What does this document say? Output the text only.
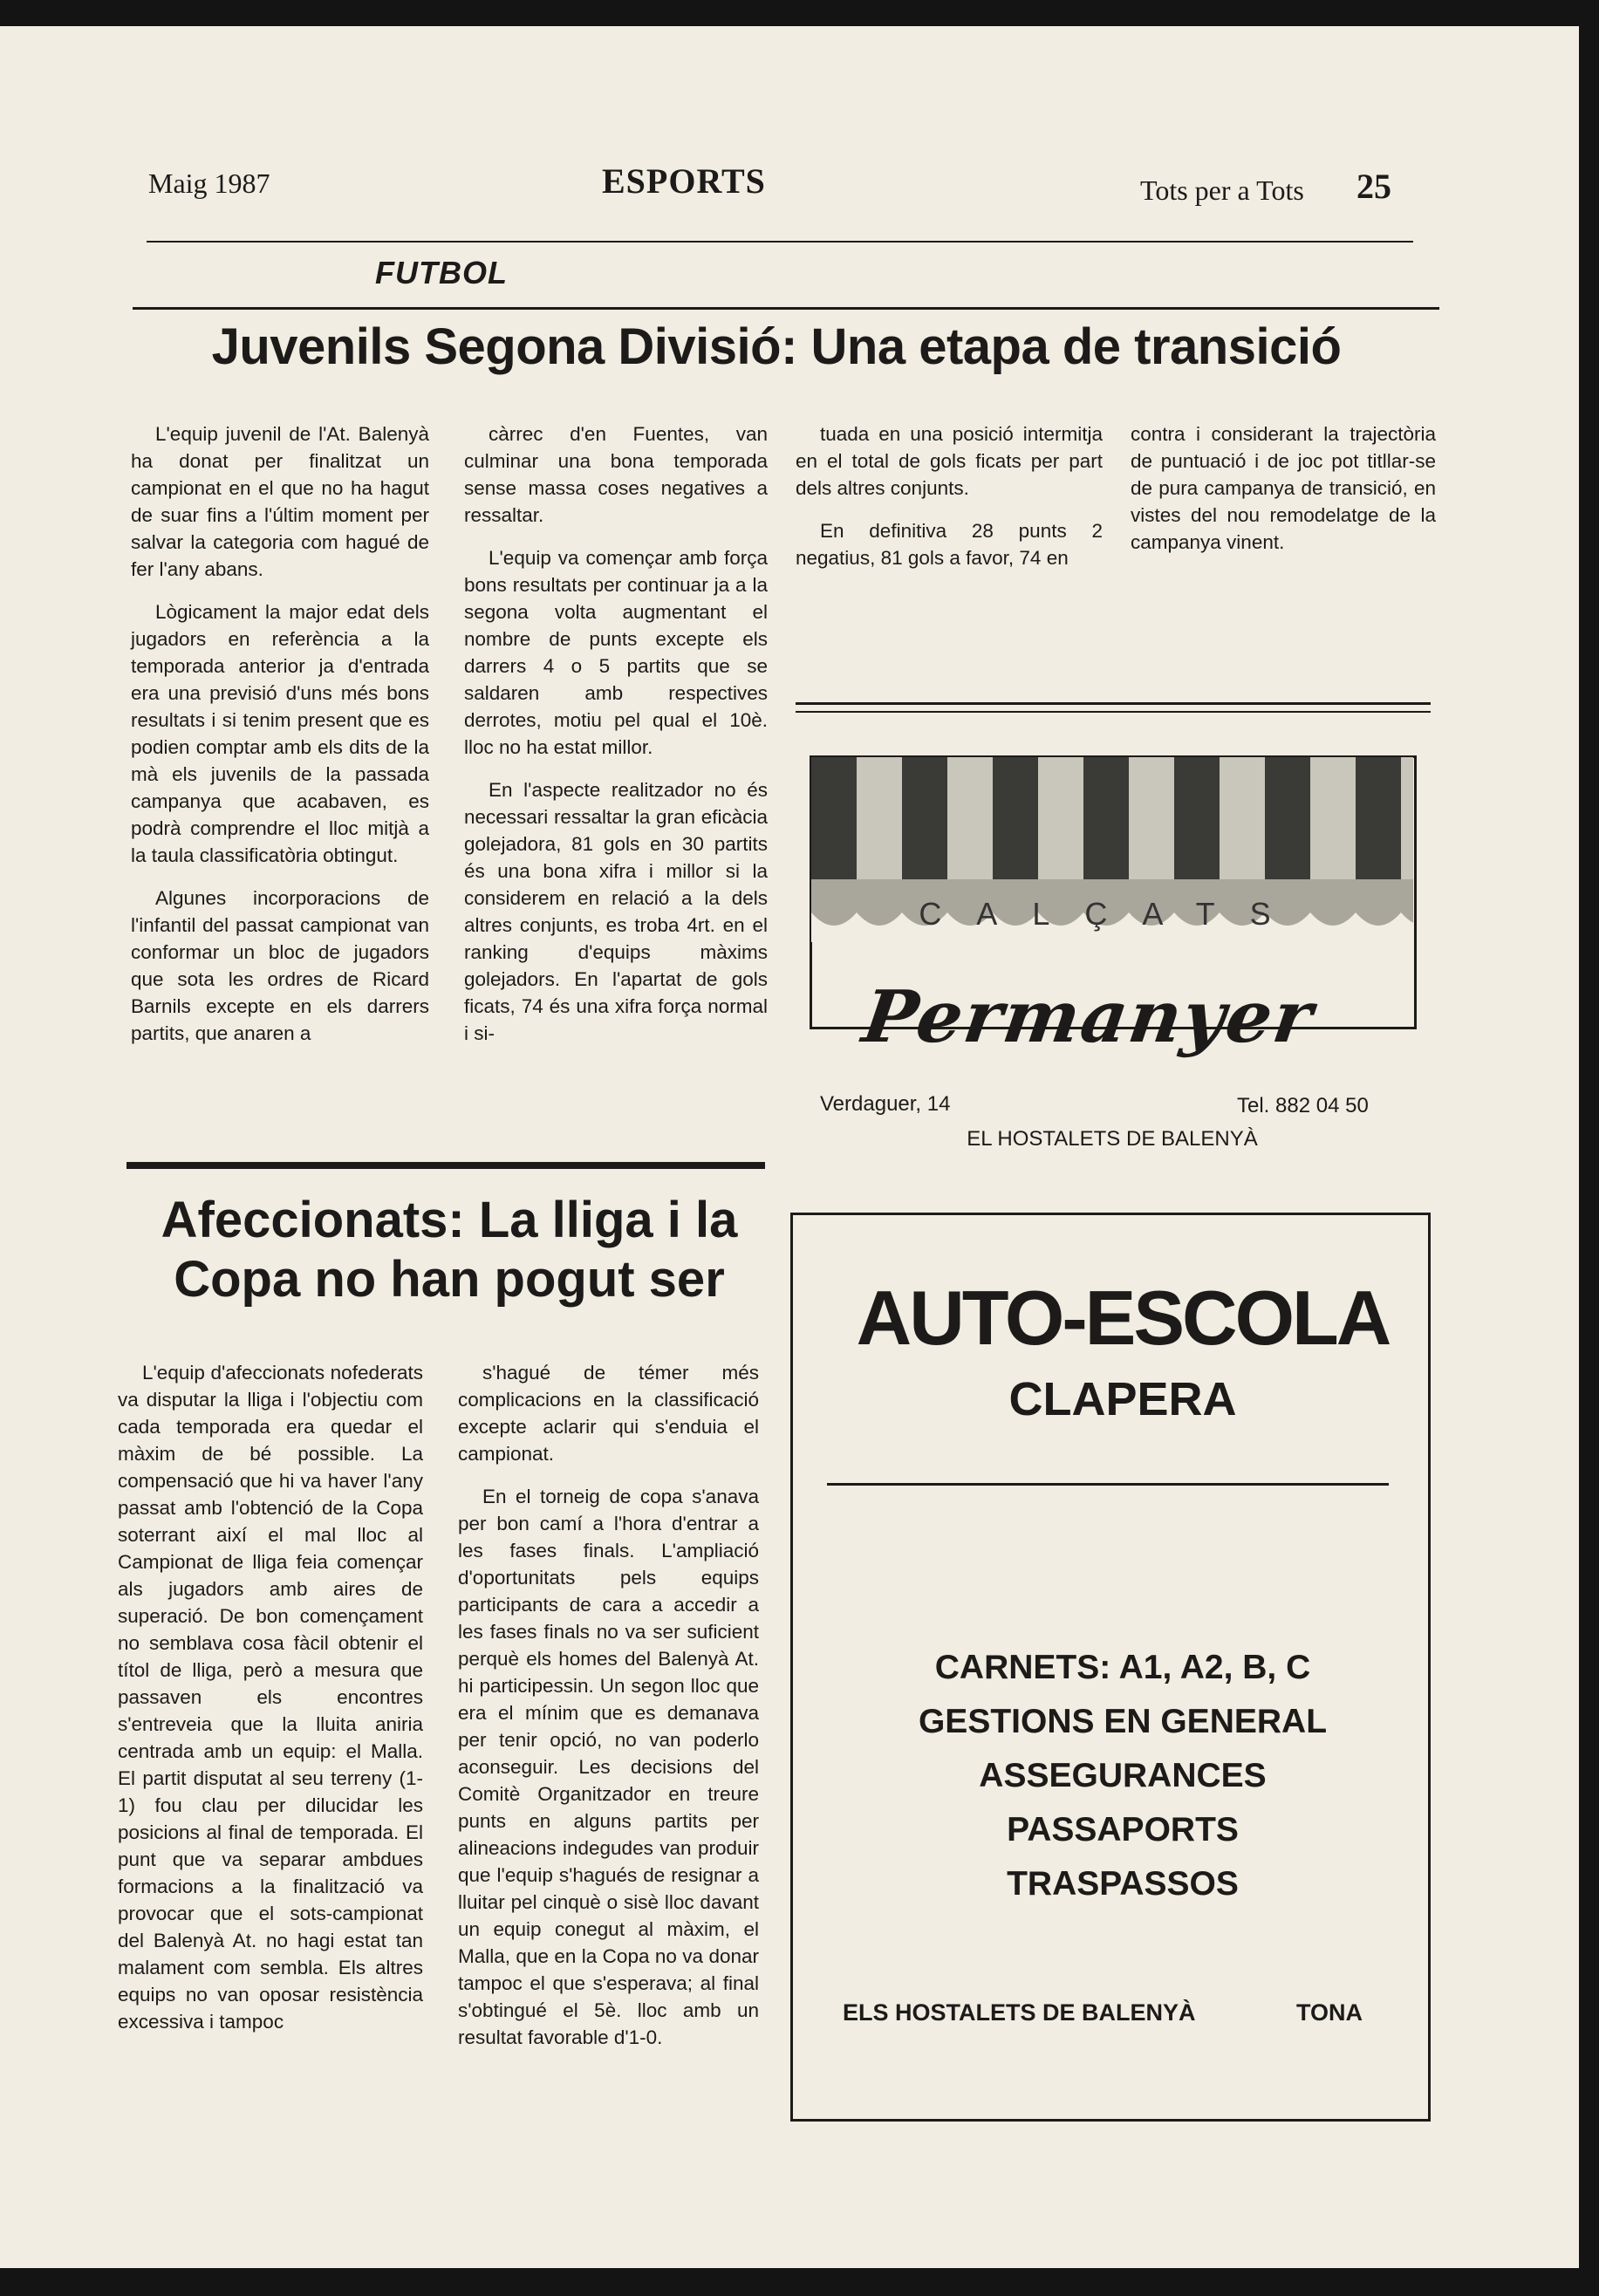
Maig 1987	ESPORTS	Tots per a Tots 25
FUTBOL
Juvenils Segona Divisió: Una etapa de transició

L'equip juvenil de l'At. Balenyà ha donat per finalitzat un campionat en el que no ha hagut de suar fins a l'últim moment per salvar la categoria com hagué de fer l'any abans.

Lògicament la major edat dels jugadors en referència a la temporada anterior ja d'entrada era una previsió d'uns més bons resultats i si tenim present que es podien comptar amb els dits de la mà els juvenils de la passada campanya que acabaven, es podrà comprendre el lloc mitjà a la taula classificatòria obtingut.

Algunes incorporacions de l'infantil del passat campionat van conformar un bloc de jugadors que sota les ordres de Ricard Barnils excepte en els darrers partits, que anaren a

càrrec d'en Fuentes, van culminar una bona temporada sense massa coses negatives a ressaltar.

L'equip va començar amb força bons resultats per continuar ja a la segona volta augmentant el nombre de punts excepte els darrers 4 o 5 partits que se saldaren amb respectives derrotes, motiu pel qual el 10è. lloc no ha estat millor.

En l'aspecte realitzador no és necessari ressaltar la gran eficàcia golejadora, 81 gols en 30 partits és una bona xifra i millor si la considerem en relació a la dels altres conjunts, es troba 4rt. en el ranking d'equips màxims golejadors. En l'apartat de gols ficats, 74 és una xifra força normal i si-

tuada en una posició intermitja en el total de gols ficats per part dels altres conjunts.

En definitiva 28 punts 2 negatius, 81 gols a favor, 74 en

contra i considerant la trajectòria de puntuació i de joc pot titllar-se de pura campanya de transició, en vistes del nou remodelatge de la campanya vinent.

Afeccionats: La lliga i la
Copa no han pogut ser

L'equip d'afeccionats nofederats va disputar la lliga i l'objectiu com cada temporada era quedar el màxim de bé possible. La compensació que hi va haver l'any passat amb l'obtenció de la Copa soterrant així el mal lloc al Campionat de lliga feia començar als jugadors amb aires de superació. De bon començament no semblava cosa fàcil obtenir el títol de lliga, però a mesura que passaven els encontres s'entreveia que la lluita aniria centrada amb un equip: el Malla. El partit disputat al seu terreny (1-1) fou clau per dilucidar les posicions al final de temporada. El punt que va separar ambdues formacions a la finalització va provocar que el sots-campionat del Balenyà At. no hagi estat tan malament com sembla. Els altres equips no van oposar resistència excessiva i tampoc

s'hagué de témer més complicacions en la classificació excepte aclarir qui s'enduia el campionat.

En el torneig de copa s'anava per bon camí a l'hora d'entrar a les fases finals. L'ampliació d'oportunitats pels equips participants de cara a accedir a les fases finals no va ser suficient perquè els homes del Balenyà At. hi participessin. Un segon lloc que era el mínim que es demanava per tenir opció, no van poderlo aconseguir. Les decisions del Comitè Organitzador en treure punts en alguns partits per alineacions indegudes van produir que l'equip s'hagués de resignar a lluitar pel cinquè o sisè lloc davant un equip conegut al màxim, el Malla, que en la Copa no va donar tampoc el que s'esperava; al final s'obtingué el 5è. lloc amb un resultat favorable d'1-0.

CALÇATS
Permanyer
Verdaguer, 14	Tel. 882 04 50
EL HOSTALETS DE BALENYÀ
AUTO-ESCOLA
CLAPERA
CARNETS: A1, A2, B, C
GESTIONS EN GENERAL
ASSEGURANCES
PASSAPORTS
TRASPASSOS
ELS HOSTALETS DE BALENYÀ	TONA
